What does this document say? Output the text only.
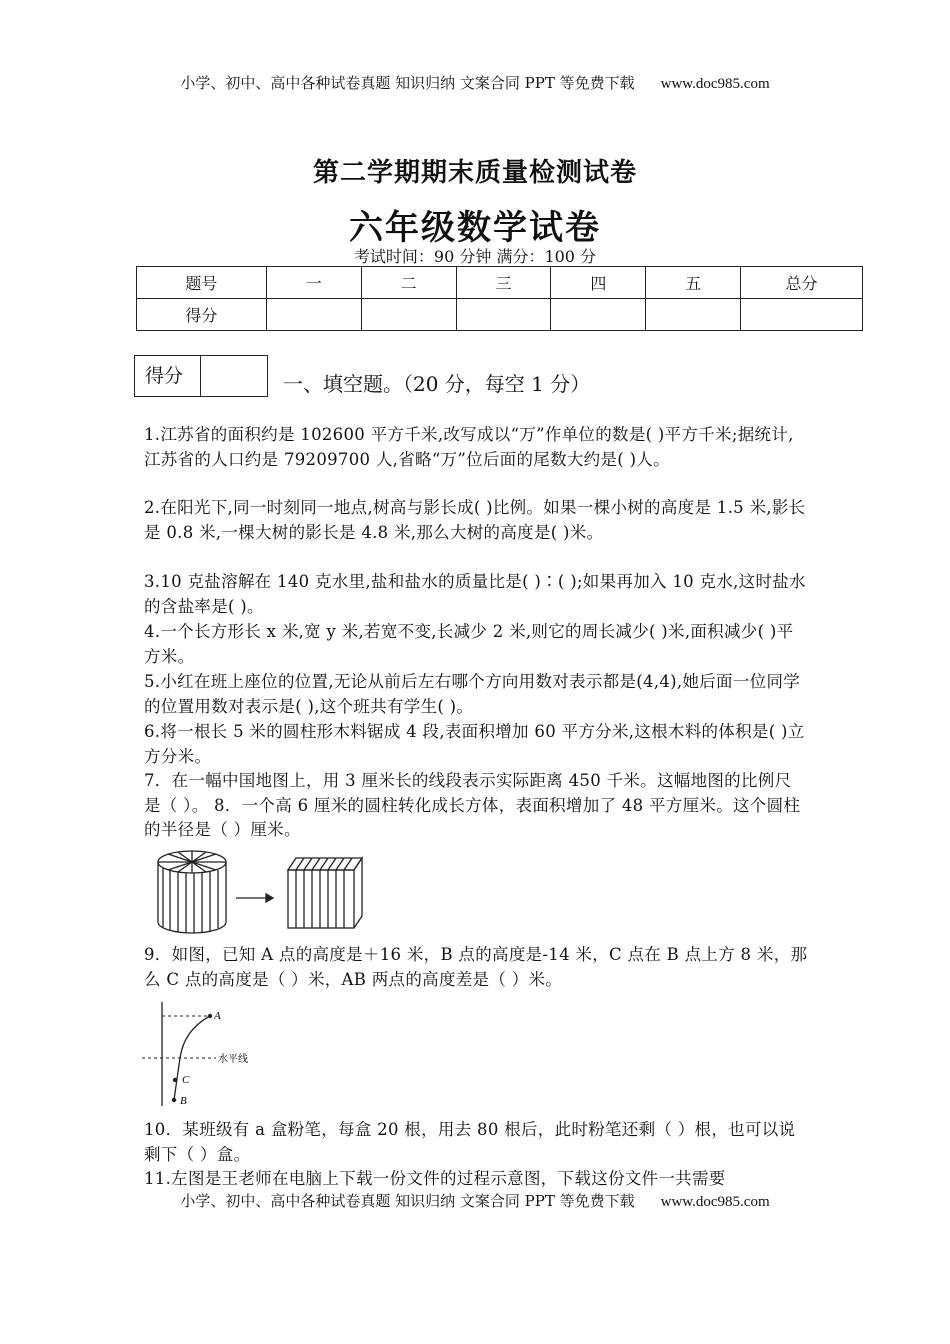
小学、初中、高中各种试卷真题 知识归纳 文案合同 PPT 等免费下载 www.doc985.com
第二学期期末质量检测试卷
六年级数学试卷
考试时间：90 分钟 满分：100 分
题号	一	二	三	四	五	总分
得分						
得分	一、填空题。（20 分，每空 1 分）
1.江苏省的面积约是 102600 平方千米,改写成以“万”作单位的数是( )平方千米;据统计,江苏省的人口约是 79209700 人,省略“万”位后面的尾数大约是( )人。
2.在阳光下,同一时刻同一地点,树高与影长成( )比例。如果一棵小树的高度是 1.5 米,影长是 0.8 米,一棵大树的影长是 4.8 米,那么大树的高度是( )米。
3.10 克盐溶解在 140 克水里,盐和盐水的质量比是( )∶( );如果再加入 10 克水,这时盐水的含盐率是( )。
4.一个长方形长 x 米,宽 y 米,若宽不变,长减少 2 米,则它的周长减少( )米,面积减少( )平方米。
5.小红在班上座位的位置,无论从前后左右哪个方向用数对表示都是(4,4),她后面一位同学的位置用数对表示是( ),这个班共有学生( )。
6.将一根长 5 米的圆柱形木料锯成 4 段,表面积增加 60 平方分米,这根木料的体积是( )立方分米。
7．在一幅中国地图上，用 3 厘米长的线段表示实际距离 450 千米。这幅地图的比例尺是（ ）。 8．一个高 6 厘米的圆柱转化成长方体，表面积增加了 48 平方厘米。这个圆柱的半径是（ ）厘米。
9．如图，已知 A 点的高度是＋16 米，B 点的高度是-14 米，C 点在 B 点上方 8 米，那么 C 点的高度是（ ）米，AB 两点的高度差是（ ）米。
A
C
B
水平线
10．某班级有 a 盒粉笔，每盒 20 根，用去 80 根后，此时粉笔还剩（ ）根，也可以说剩下（ ）盒。
11.左图是王老师在电脑上下载一份文件的过程示意图，下载这份文件一共需要
小学、初中、高中各种试卷真题 知识归纳 文案合同 PPT 等免费下载 www.doc985.com
